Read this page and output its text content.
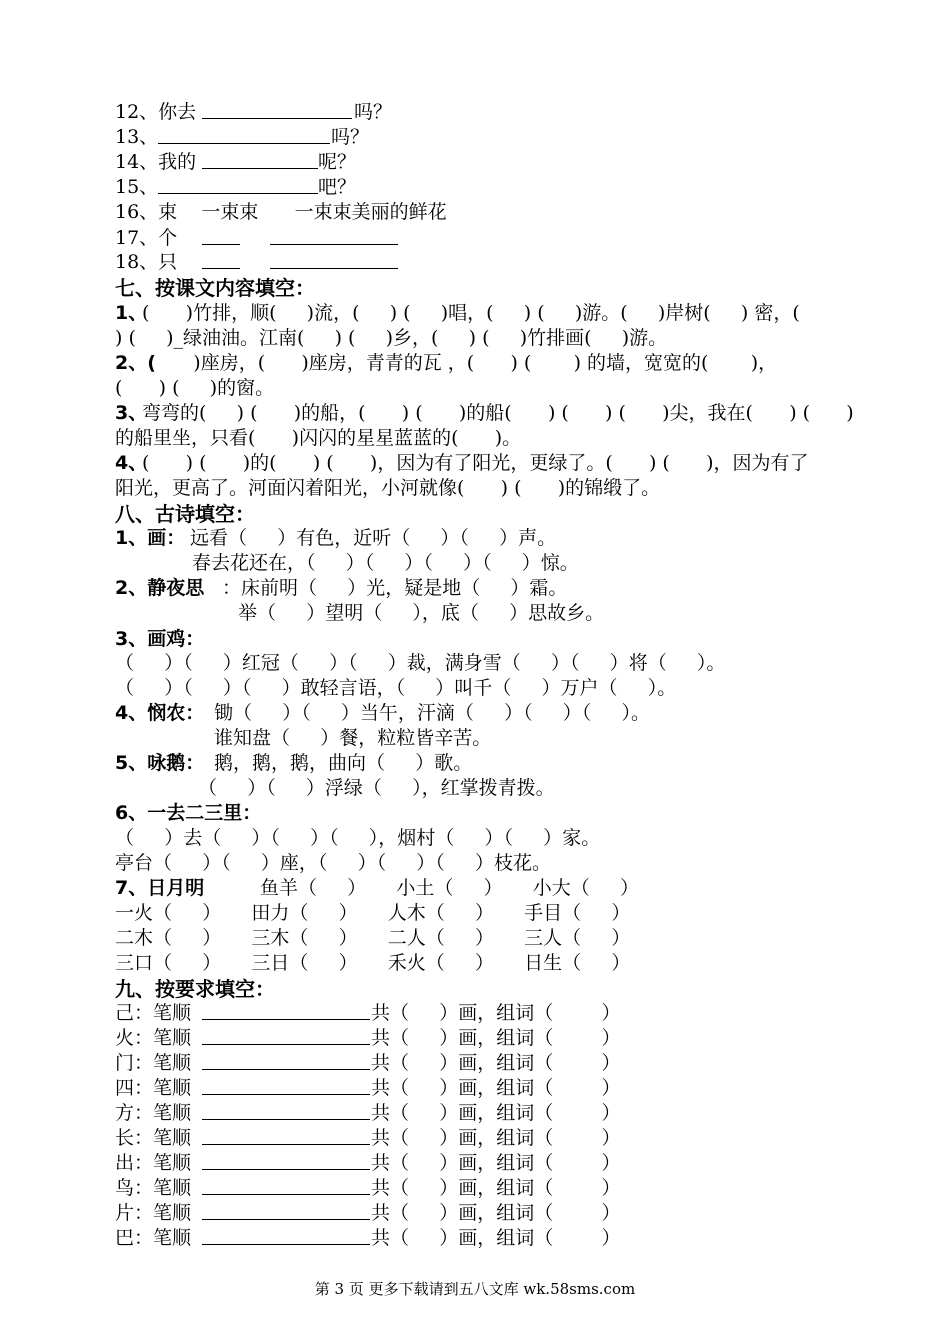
12、你去	吗？
13、	吗？
14、我的	呢？
15、	吧？
16、束    一束束      一束束美丽的鲜花
17、个
18、只
七、按课文内容填空：
1、
(      )竹排，顺(     )流，(     ) (     )唱，(     ) (     )游。(     )岸树(     ) 密，(
) (     )_绿油油。江南(     ) (     )乡，(     ) (     )竹排画(     )游。
2、(
)座房，(      )座房，青青的瓦 ，(      ) (       ) 的墙，宽宽的(       )，
(      ) (     )的窗。
3、
弯弯的(     ) (      )的船，(      ) (      )的船(      ) (      ) (      )尖，我在(      ) (      )
的船里坐，只看(      )闪闪的星星蓝蓝的(      )。
4、
(      ) (      )的(      ) (      )，因为有了阳光，更绿了。(      ) (      )，因为有了
阳光，更高了。河面闪着阳光，小河就像(      ) (      )的锦缎了。
八、古诗填空：
1、画： 远看（     ）有色，近听（     ）（     ）声。
春去花还在，（     ）（     ）（     ）（     ）惊。
2、静夜思 ：床前明（     ）光，疑是地（     ）霜。
举（     ）望明（     ），底（     ）思故乡。
3、画鸡：
（     ）（     ）红冠（     ）（     ）裁，满身雪（     ）（     ）将（     ）。
（     ）（     ）（     ）敢轻言语，（     ）叫千（     ）万户（     ）。
4、悯农： 锄（     ）（     ）当午，汗滴（     ）（     ）（     ）。
谁知盘（     ）餐，粒粒皆辛苦。
5、咏鹅： 鹅，鹅，鹅，曲向（     ）歌。
（     ）（     ）浮绿（     ），红掌拨青拨。
6、一去二三里：
（     ）去（     ）（     ）（     ），烟村（     ）（     ）家。
亭台（     ）（     ）座，（     ）（     ）（     ）枝花。
7、日月明	鱼羊（     ）     小土（     ）     小大（     ）
一火（     ）     田力（     ）     人木（     ）     手目（     ）
二木（     ）     三木（     ）     二人（     ）     三人（     ）
三口（     ）     三日（     ）     禾火（     ）     日生（     ）
九、按要求填空：
己：笔顺	共（     ）画，组词（        ）
火：笔顺	共（     ）画，组词（        ）
门：笔顺	共（     ）画，组词（        ）
四：笔顺	共（     ）画，组词（        ）
方：笔顺	共（     ）画，组词（        ）
长：笔顺	共（     ）画，组词（        ）
出：笔顺	共（     ）画，组词（        ）
鸟：笔顺	共（     ）画，组词（        ）
片：笔顺	共（     ）画，组词（        ）
巴：笔顺	共（     ）画，组词（        ）
第 3 页 更多下载请到五八文库 wk.58sms.com
